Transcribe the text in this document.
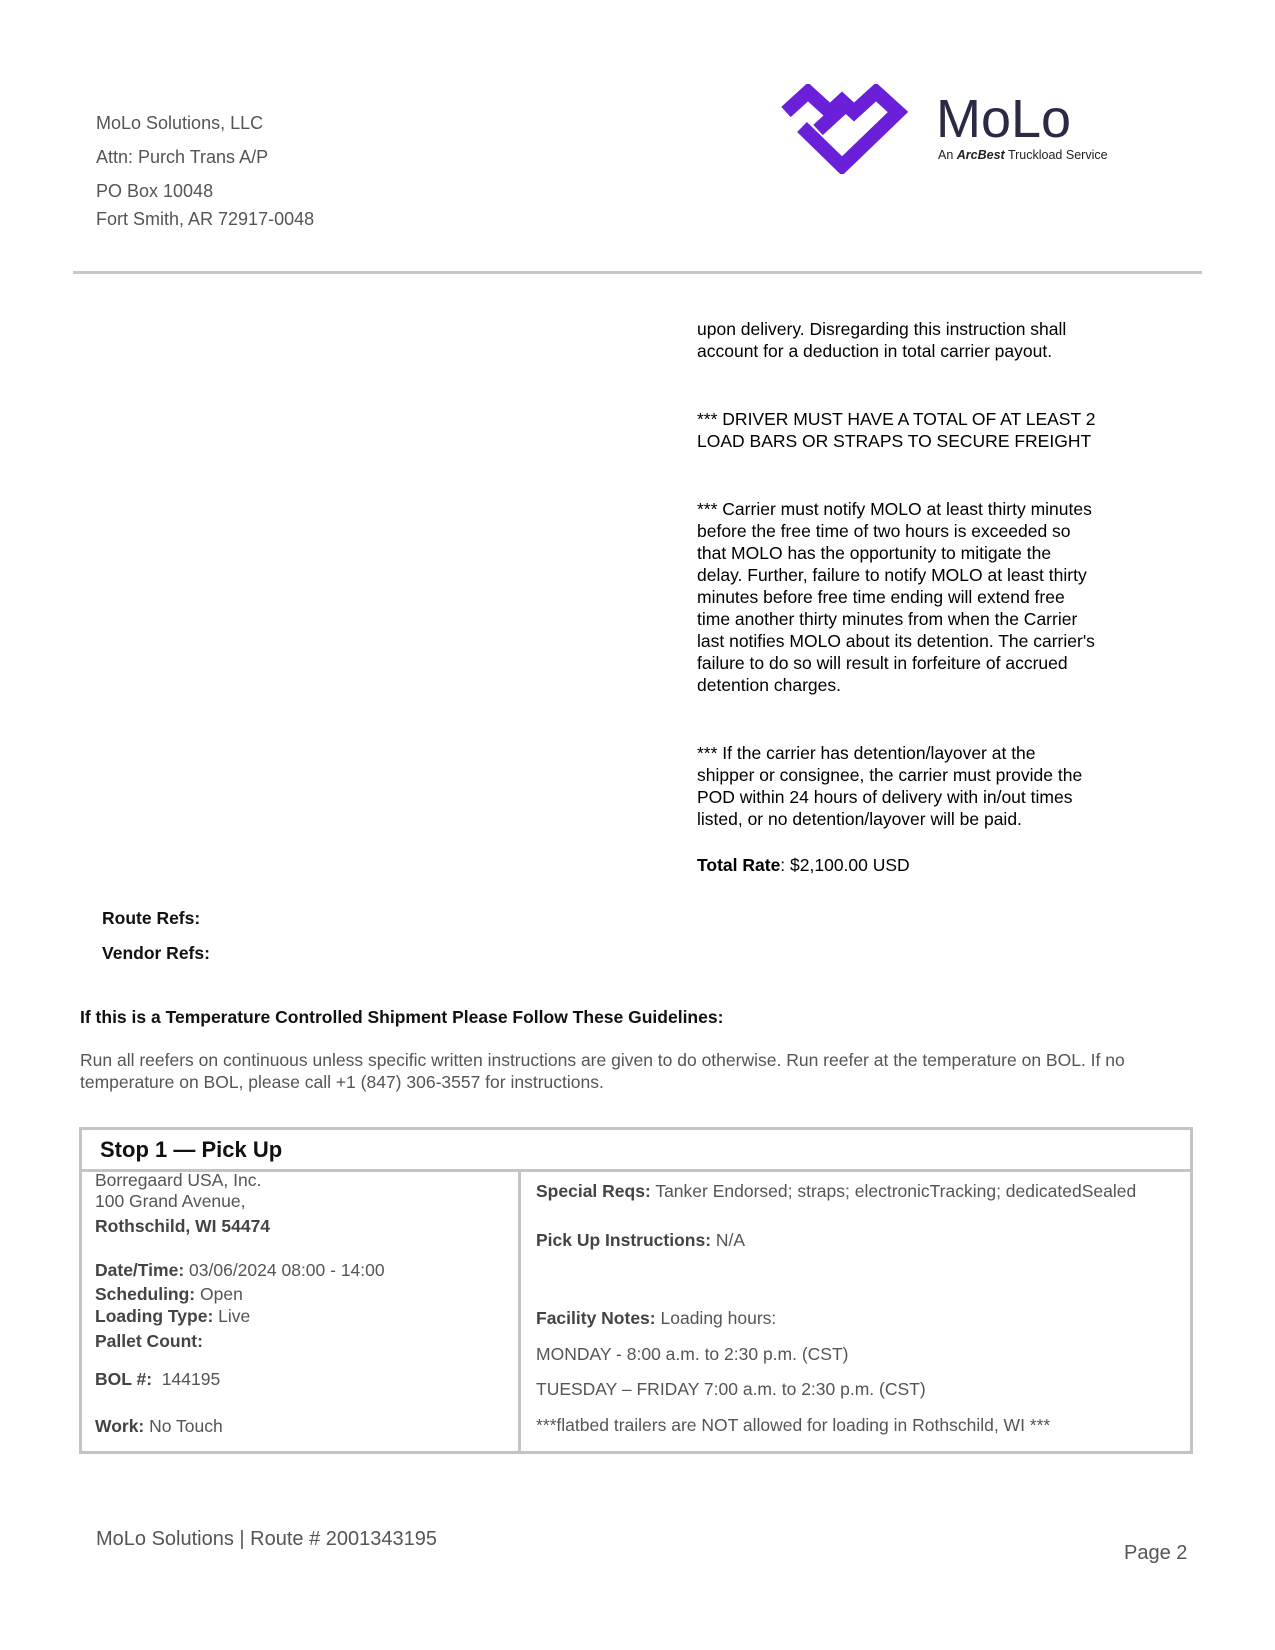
MoLo Solutions, LLC
Attn: Purch Trans A/P
PO Box 10048
Fort Smith, AR 72917-0048
MoLo
An ArcBest Truckload Service

upon delivery. Disregarding this instruction shall
account for a deduction in total carrier payout.

*** DRIVER MUST HAVE A TOTAL OF AT LEAST 2
LOAD BARS OR STRAPS TO SECURE FREIGHT

*** Carrier must notify MOLO at least thirty minutes
before the free time of two hours is exceeded so
that MOLO has the opportunity to mitigate the
delay. Further, failure to notify MOLO at least thirty
minutes before free time ending will extend free
time another thirty minutes from when the Carrier
last notifies MOLO about its detention. The carrier's
failure to do so will result in forfeiture of accrued
detention charges.

*** If the carrier has detention/layover at the
shipper or consignee, the carrier must provide the
POD within 24 hours of delivery with in/out times
listed, or no detention/layover will be paid.

Total Rate: $2,100.00 USD

Route Refs:
Vendor Refs:
If this is a Temperature Controlled Shipment Please Follow These Guidelines:
Run all reefers on continuous unless specific written instructions are given to do otherwise. Run reefer at the temperature on BOL. If no temperature on BOL, please call +1 (847) 306-3557 for instructions.
Stop 1 — Pick Up
Borregaard USA, Inc.
100 Grand Avenue,
Rothschild, WI 54474
Date/Time: 03/06/2024 08:00 - 14:00
Scheduling: Open
Loading Type: Live
Pallet Count:
BOL #: 144195
Work: No Touch
Special Reqs: Tanker Endorsed; straps; electronicTracking; dedicatedSealed
Pick Up Instructions: N/A
Facility Notes: Loading hours:
MONDAY - 8:00 a.m. to 2:30 p.m. (CST)
TUESDAY – FRIDAY 7:00 a.m. to 2:30 p.m. (CST)
***flatbed trailers are NOT allowed for loading in Rothschild, WI ***
MoLo Solutions | Route # 2001343195
Page 2
